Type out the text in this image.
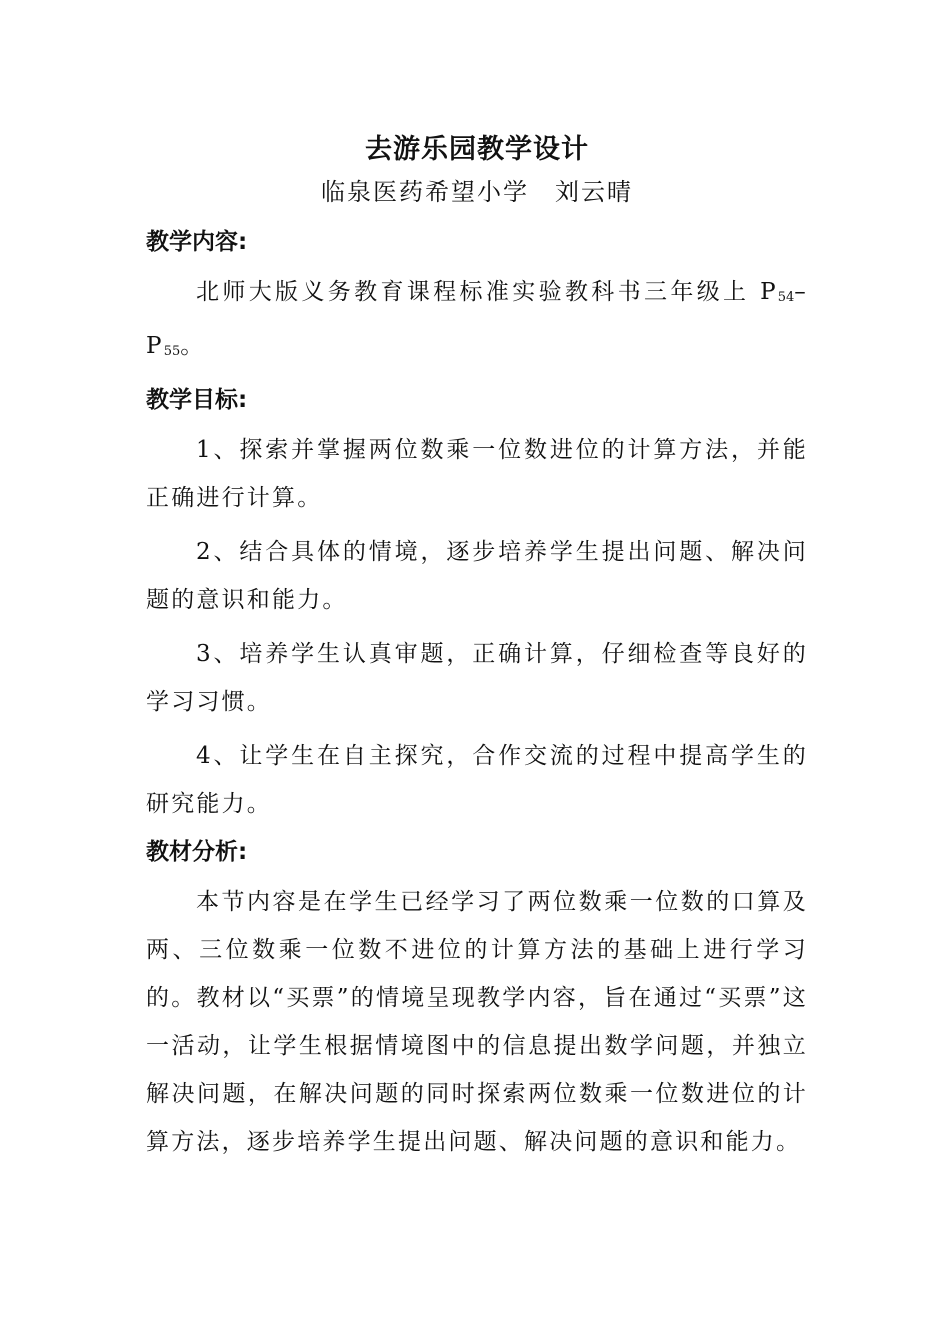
去游乐园教学设计

临泉医药希望小学 刘云晴

教学内容:

北师大版义务教育课程标准实验教科书三年级上 $P_{54}-P_{55}$。

教学目标:

1、探索并掌握两位数乘一位数进位的计算方法，并能正确进行计算。

2、结合具体的情境，逐步培养学生提出问题、解决问题的意识和能力。

3、培养学生认真审题，正确计算，仔细检查等良好的学习习惯。

4、让学生在自主探究，合作交流的过程中提高学生的研究能力。

教材分析:

本节内容是在学生已经学习了两位数乘一位数的口算及两、三位数乘一位数不进位的计算方法的基础上进行学习的。教材以“买票”的情境呈现教学内容，旨在通过“买票”这一活动，让学生根据情境图中的信息提出数学问题，并独立解决问题，在解决问题的同时探索两位数乘一位数进位的计算方法，逐步培养学生提出问题、解决问题的意识和能力。
